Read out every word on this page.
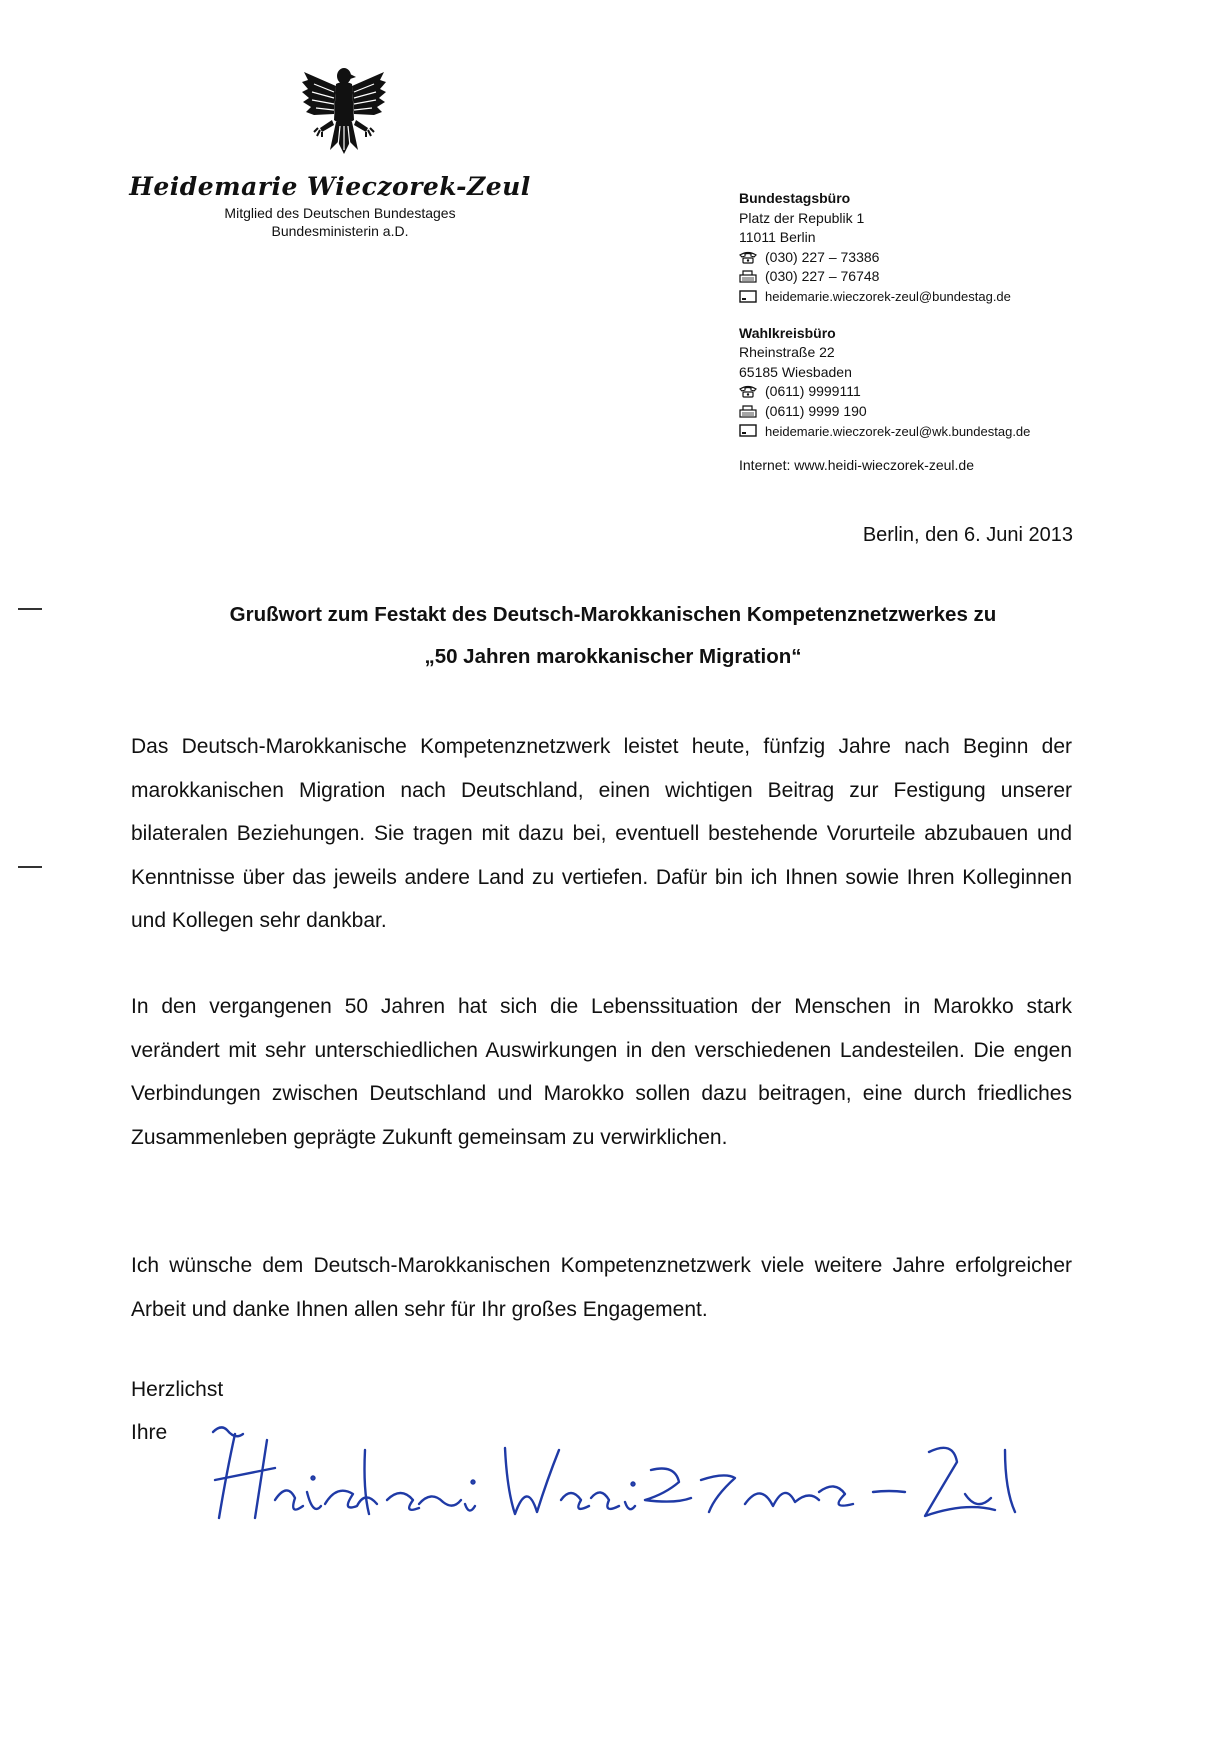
Heidemarie Wieczorek-Zeul
Mitglied des Deutschen Bundestages
Bundesministerin a.D.
Bundestagsbüro
Platz der Republik 1
11011 Berlin
(030) 227 – 73386
(030) 227 – 76748
heidemarie.wieczorek-zeul@bundestag.de
Wahlkreisbüro
Rheinstraße 22
65185 Wiesbaden
(0611) 9999111
(0611) 9999 190
heidemarie.wieczorek-zeul@wk.bundestag.de
Internet: www.heidi-wieczorek-zeul.de
Berlin, den 6. Juni 2013
Grußwort zum Festakt des Deutsch-Marokkanischen Kompetenznetzwerkes zu
„50 Jahren marokkanischer Migration“
Das Deutsch-Marokkanische Kompetenznetzwerk leistet heute, fünfzig Jahre nach Beginn der marokkanischen Migration nach Deutschland, einen wichtigen Beitrag zur Festigung unserer bilateralen Beziehungen. Sie tragen mit dazu bei, eventuell bestehende Vorurteile abzubauen und Kenntnisse über das jeweils andere Land zu vertiefen. Dafür bin ich Ihnen sowie Ihren Kolleginnen und Kollegen sehr dankbar.
In den vergangenen 50 Jahren hat sich die Lebenssituation der Menschen in Marokko stark verändert mit sehr unterschiedlichen Auswirkungen in den verschiedenen Landesteilen. Die engen Verbindungen zwischen Deutschland und Marokko sollen dazu beitragen, eine durch friedliches Zusammenleben geprägte Zukunft gemeinsam zu verwirklichen.
Ich wünsche dem Deutsch-Marokkanischen Kompetenznetzwerk viele weitere Jahre erfolgreicher Arbeit und danke Ihnen allen sehr für Ihr großes Engagement.
Herzlichst
Ihre
